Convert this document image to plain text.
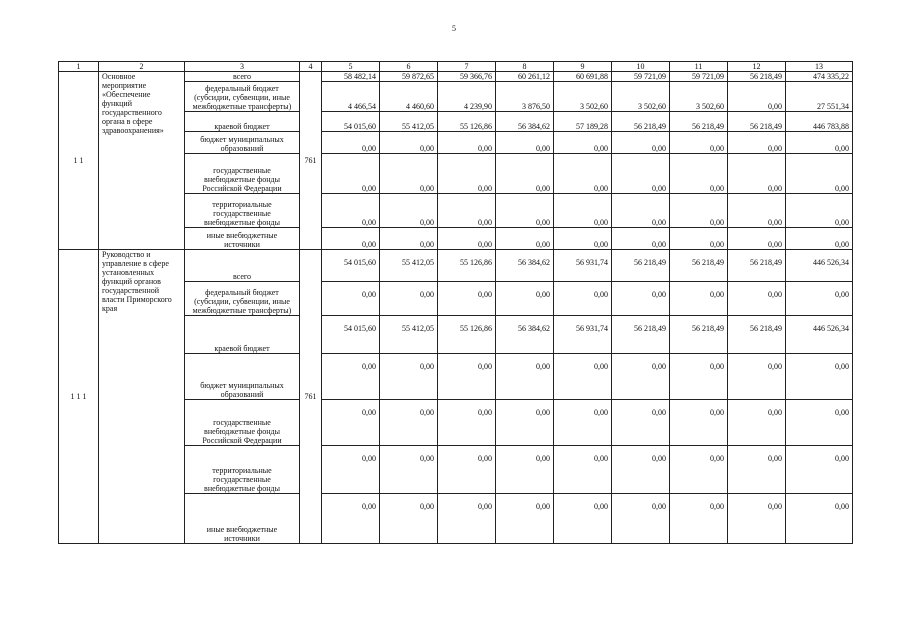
5
1	2	3	4	5	6	7	8	9	10	11	12	13
1 1	Основное мероприятие «Обеспечение функций государственного органа в сфере здравоохранения»	всего	761	58 482,14	59 872,65	59 366,76	60 261,12	60 691,88	59 721,09	59 721,09	56 218,49	474 335,22
		федеральный бюджет (субсидии, субвенции, иные межбюджетные трансферты)		4 466,54	4 460,60	4 239,90	3 876,50	3 502,60	3 502,60	3 502,60	0,00	27 551,34
		краевой бюджет		54 015,60	55 412,05	55 126,86	56 384,62	57 189,28	56 218,49	56 218,49	56 218,49	446 783,88
		бюджет муниципальных образований		0,00	0,00	0,00	0,00	0,00	0,00	0,00	0,00	0,00
		государственные внебюджетные фонды Российской Федерации		0,00	0,00	0,00	0,00	0,00	0,00	0,00	0,00	0,00
		территориальные государственные внебюджетные фонды		0,00	0,00	0,00	0,00	0,00	0,00	0,00	0,00	0,00
		иные внебюджетные источники		0,00	0,00	0,00	0,00	0,00	0,00	0,00	0,00	0,00
1 1 1	Руководство и управление в сфере установленных функций органов государственной власти Приморского края	всего	761	54 015,60	55 412,05	55 126,86	56 384,62	56 931,74	56 218,49	56 218,49	56 218,49	446 526,34
		федеральный бюджет (субсидии, субвенции, иные межбюджетные трансферты)		0,00	0,00	0,00	0,00	0,00	0,00	0,00	0,00	0,00
		краевой бюджет		54 015,60	55 412,05	55 126,86	56 384,62	56 931,74	56 218,49	56 218,49	56 218,49	446 526,34
		бюджет муниципальных образований		0,00	0,00	0,00	0,00	0,00	0,00	0,00	0,00	0,00
		государственные внебюджетные фонды Российской Федерации		0,00	0,00	0,00	0,00	0,00	0,00	0,00	0,00	0,00
		территориальные государственные внебюджетные фонды		0,00	0,00	0,00	0,00	0,00	0,00	0,00	0,00	0,00
		иные внебюджетные источники		0,00	0,00	0,00	0,00	0,00	0,00	0,00	0,00	0,00
